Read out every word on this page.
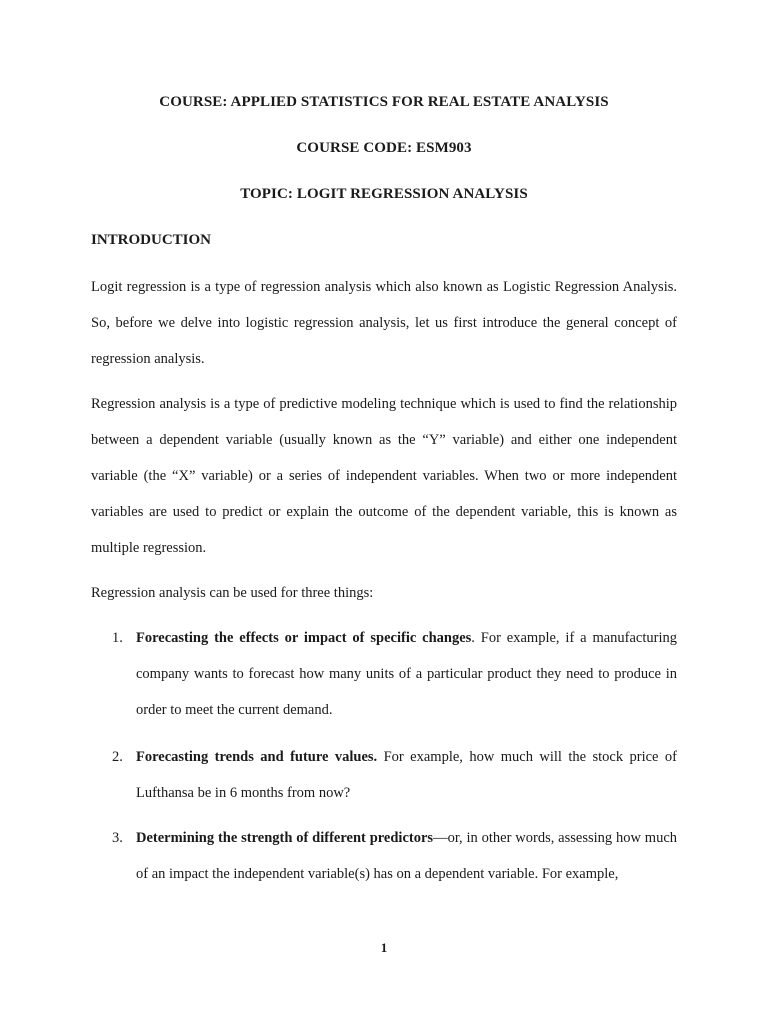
COURSE: APPLIED STATISTICS FOR REAL ESTATE ANALYSIS
COURSE CODE: ESM903
TOPIC: LOGIT REGRESSION ANALYSIS
INTRODUCTION

Logit regression is a type of regression analysis which also known as Logistic Regression Analysis. So, before we delve into logistic regression analysis, let us first introduce the general concept of regression analysis.

Regression analysis is a type of predictive modeling technique which is used to find the relationship between a dependent variable (usually known as the “Y” variable) and either one independent variable (the “X” variable) or a series of independent variables. When two or more independent variables are used to predict or explain the outcome of the dependent variable, this is known as multiple regression.

Regression analysis can be used for three things:

1. Forecasting the effects or impact of specific changes. For example, if a manufacturing company wants to forecast how many units of a particular product they need to produce in order to meet the current demand.
2. Forecasting trends and future values. For example, how much will the stock price of Lufthansa be in 6 months from now?
3. Determining the strength of different predictors—or, in other words, assessing how much of an impact the independent variable(s) has on a dependent variable. For example,
1
